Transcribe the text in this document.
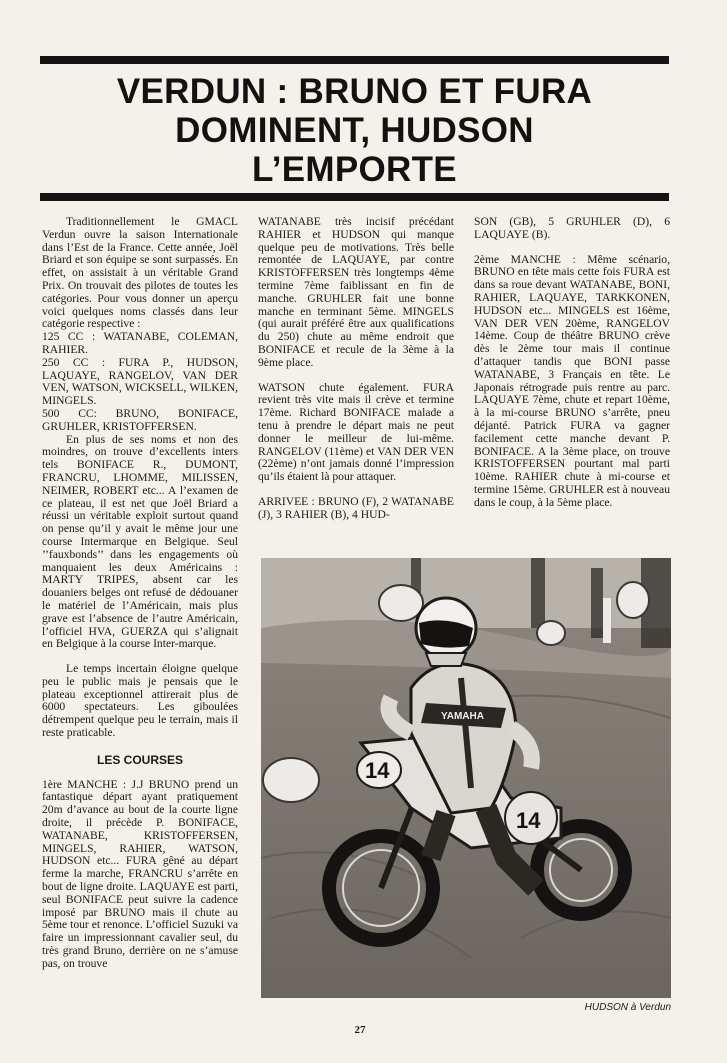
VERDUN : BRUNO ET FURA
DOMINENT, HUDSON
L’EMPORTE

Traditionnellement le GMACL Verdun ouvre la saison Internationale dans l’Est de la France. Cette année, Joël Briard et son équipe se sont surpassés. En effet, on assistait à un véritable Grand Prix. On trouvait des pilotes de toutes les catégories. Pour vous donner un aperçu voici quelques noms classés dans leur catégorie respective :

125 CC : WATANABE, COLEMAN, RAHIER.

250 CC : FURA P., HUDSON, LAQUAYE, RANGELOV, VAN DER VEN, WATSON, WICKSELL, WILKEN, MINGELS.

500 CC: BRUNO, BONIFACE, GRUHLER, KRISTOFFERSEN.

En plus de ses noms et non des moindres, on trouve d’excellents inters tels BONIFACE R., DUMONT, FRANCRU, LHOMME, MILISSEN, NEIMER, ROBERT etc... A l’examen de ce plateau, il est net que Joël Briard a réussi un véritable exploit surtout quand on pense qu’il y avait le même jour une course Intermarque en Belgique. Seul ’’fauxbonds’’ dans les engagements où manquaient les deux Américains : MARTY TRIPES, absent car les douaniers belges ont refusé de dédouaner le matériel de l’Américain, mais plus grave est l’absence de l’autre Américain, l’officiel HVA, GUERZA qui s’alignait en Belgique à la course Inter-marque.

Le temps incertain éloigne quelque peu le public mais je pensais que le plateau exceptionnel attirerait plus de 6000 spectateurs. Les giboulées détrempent quelque peu le terrain, mais il reste praticable.

LES COURSES

1ère MANCHE : J.J BRUNO prend un fantastique départ ayant pratiquement 20m d’avance au bout de la courte ligne droite, il précède P. BONIFACE, WATANABE, KRISTOFFERSEN, MINGELS, RAHIER, WATSON, HUDSON etc... FURA gêné au départ ferme la marche, FRANCRU s’arrête en bout de ligne droite. LAQUAYE est parti, seul BONIFACE peut suivre la cadence imposé par BRUNO mais il chute au 5ème tour et renonce. L’officiel Suzuki va faire un impressionnant cavalier seul, du très grand Bruno, derrière on ne s’amuse pas, on trouve

WATANABE très incisif précédant RAHIER et HUDSON qui manque quelque peu de motivations. Très belle remontée de LAQUAYE, par contre KRISTOFFERSEN très longtemps 4ème termine 7ème faiblissant en fin de manche. GRUHLER fait une bonne manche en terminant 5ème. MINGELS (qui aurait préféré être aux qualifications du 250) chute au même endroit que BONIFACE et recule de la 3ème à la 9ème place.

WATSON chute également. FURA revient très vite mais il crève et termine 17ème. Richard BONIFACE malade a tenu à prendre le départ mais ne peut donner le meilleur de lui-même. RANGELOV (11ème) et VAN DER VEN (22ème) n’ont jamais donné l’impression qu’ils étaient là pour attaquer.

ARRIVEE : BRUNO (F), 2 WATANABE (J), 3 RAHIER (B), 4 HUD-

SON (GB), 5 GRUHLER (D), 6 LAQUAYE (B).

2ème MANCHE : Même scénario, BRUNO en tête mais cette fois FURA est dans sa roue devant WATANABE, BONI, RAHIER, LAQUAYE, TARKKONEN, HUDSON etc... MINGELS est 16ème, VAN DER VEN 20ème, RANGELOV 14ème. Coup de théâtre BRUNO crève dès le 2ème tour mais il continue d’attaquer tandis que BONI passe WATANABE, 3 Français en tête. Le Japonais rétrograde puis rentre au parc. LAQUAYE 7ème, chute et repart 10ème, à la mi-course BRUNO s’arrête, pneu déjanté. Patrick FURA va gagner facilement cette manche devant P. BONIFACE. A la 3ème place, on trouve KRISTOFFERSEN pourtant mal parti 10ème. RAHIER chute à mi-course et termine 15ème. GRUHLER est à nouveau dans le coup, à la 5ème place.

YAMAHA
14
14
HUDSON à Verdun
27
